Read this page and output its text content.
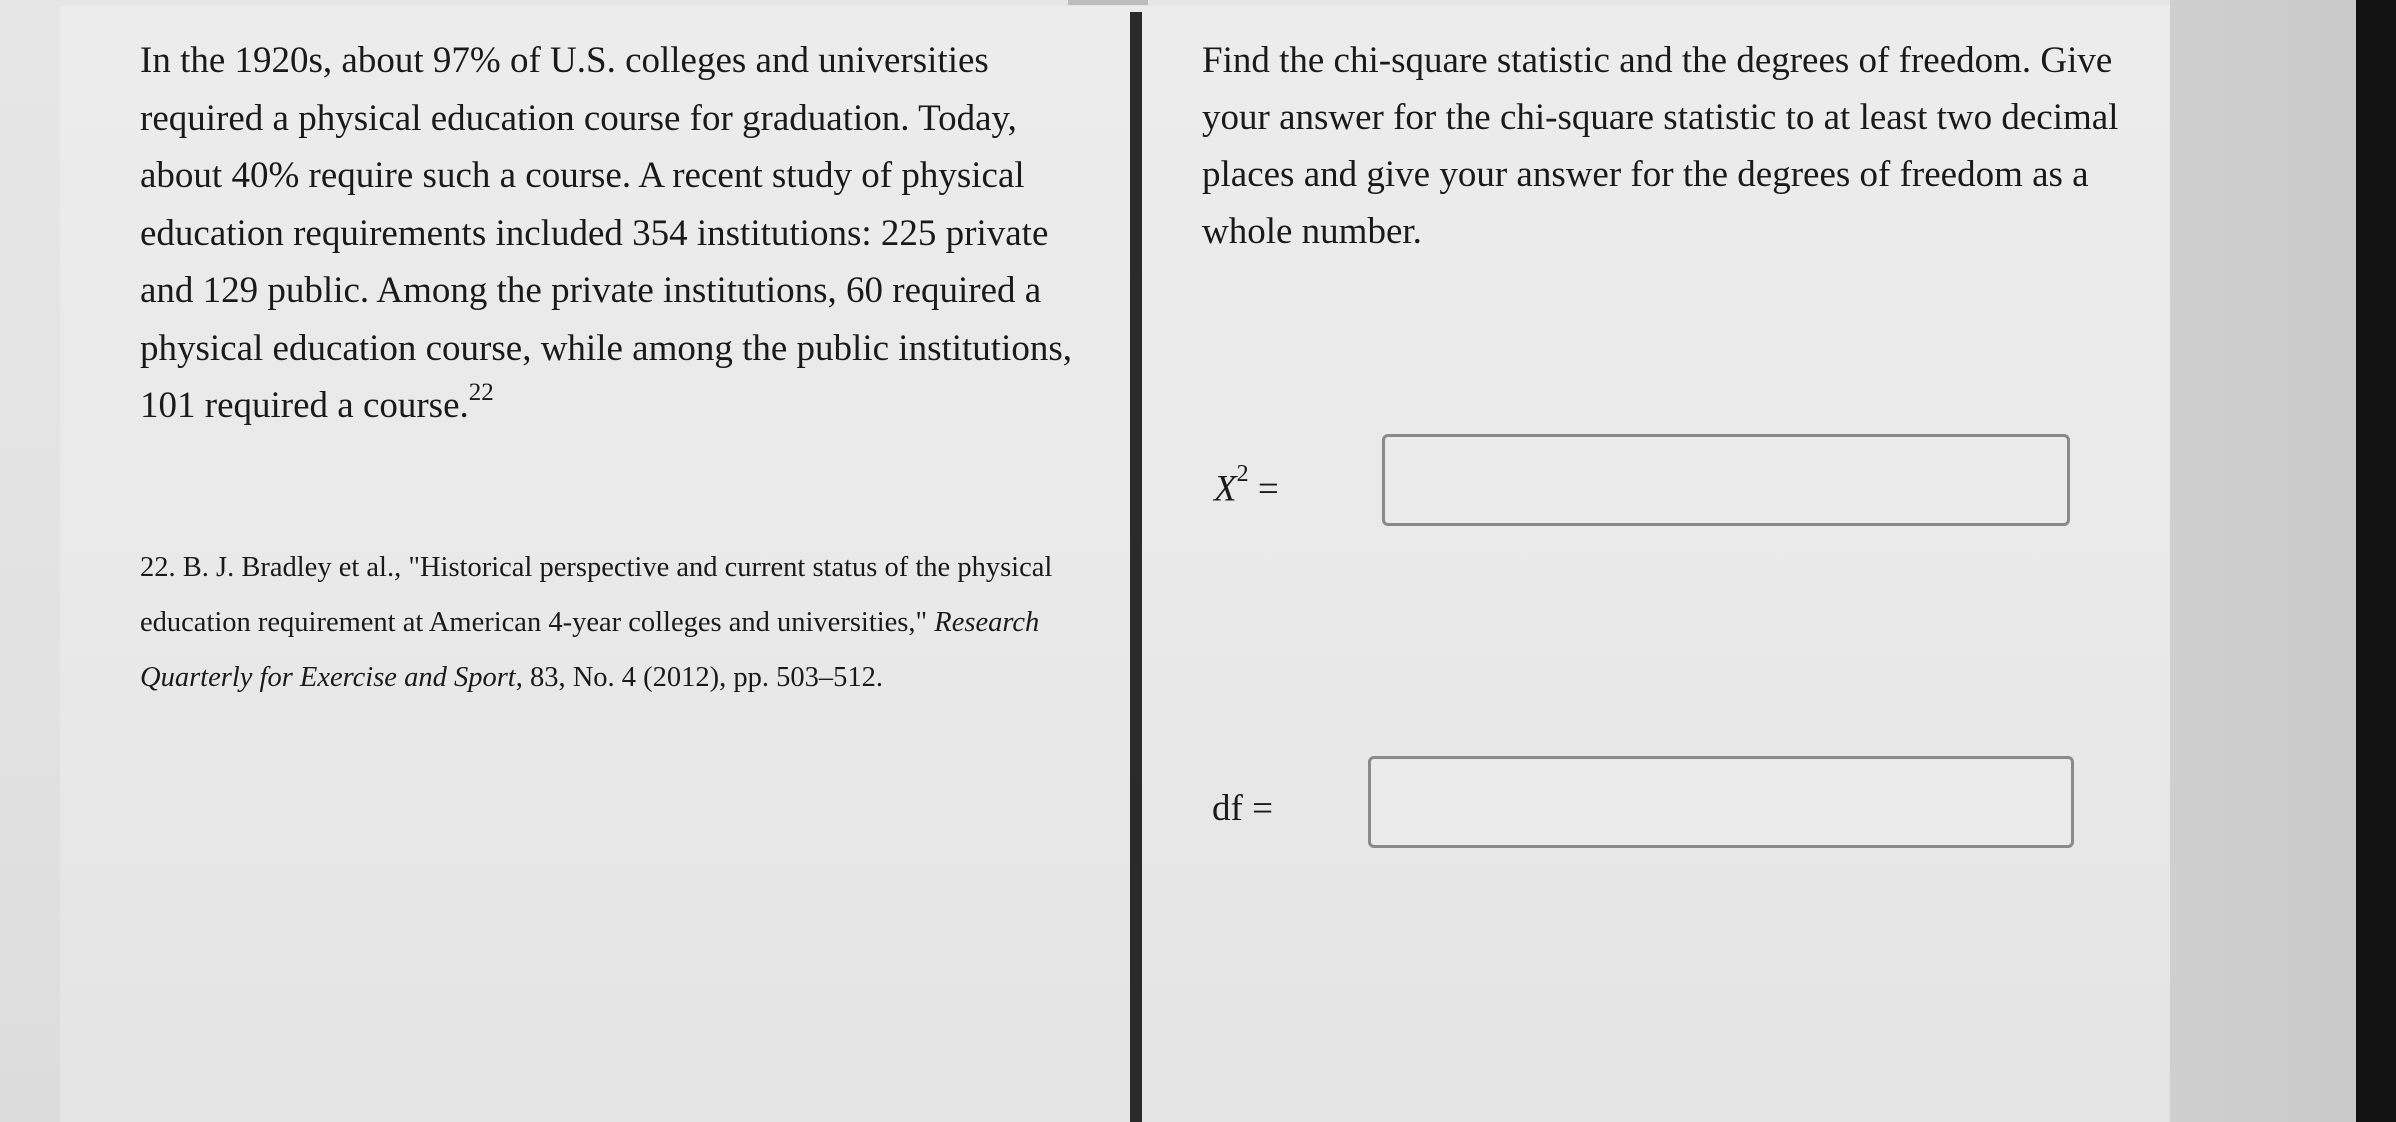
In the 1920s, about 97% of U.S. colleges and universities required a physical education course for graduation. Today, about 40% require such a course. A recent study of physical education requirements included 354 institutions: 225 private and 129 public. Among the private institutions, 60 required a physical education course, while among the public institutions, 101 required a course.$^{22}$

22. B. J. Bradley et al., "Historical perspective and current status of the physical education requirement at American 4-year colleges and universities," Research Quarterly for Exercise and Sport, 83, No. 4 (2012), pp. 503–512.

Find the chi-square statistic and the degrees of freedom. Give your answer for the chi-square statistic to at least two decimal places and give your answer for the degrees of freedom as a whole number.

$X^2$ =
df =
